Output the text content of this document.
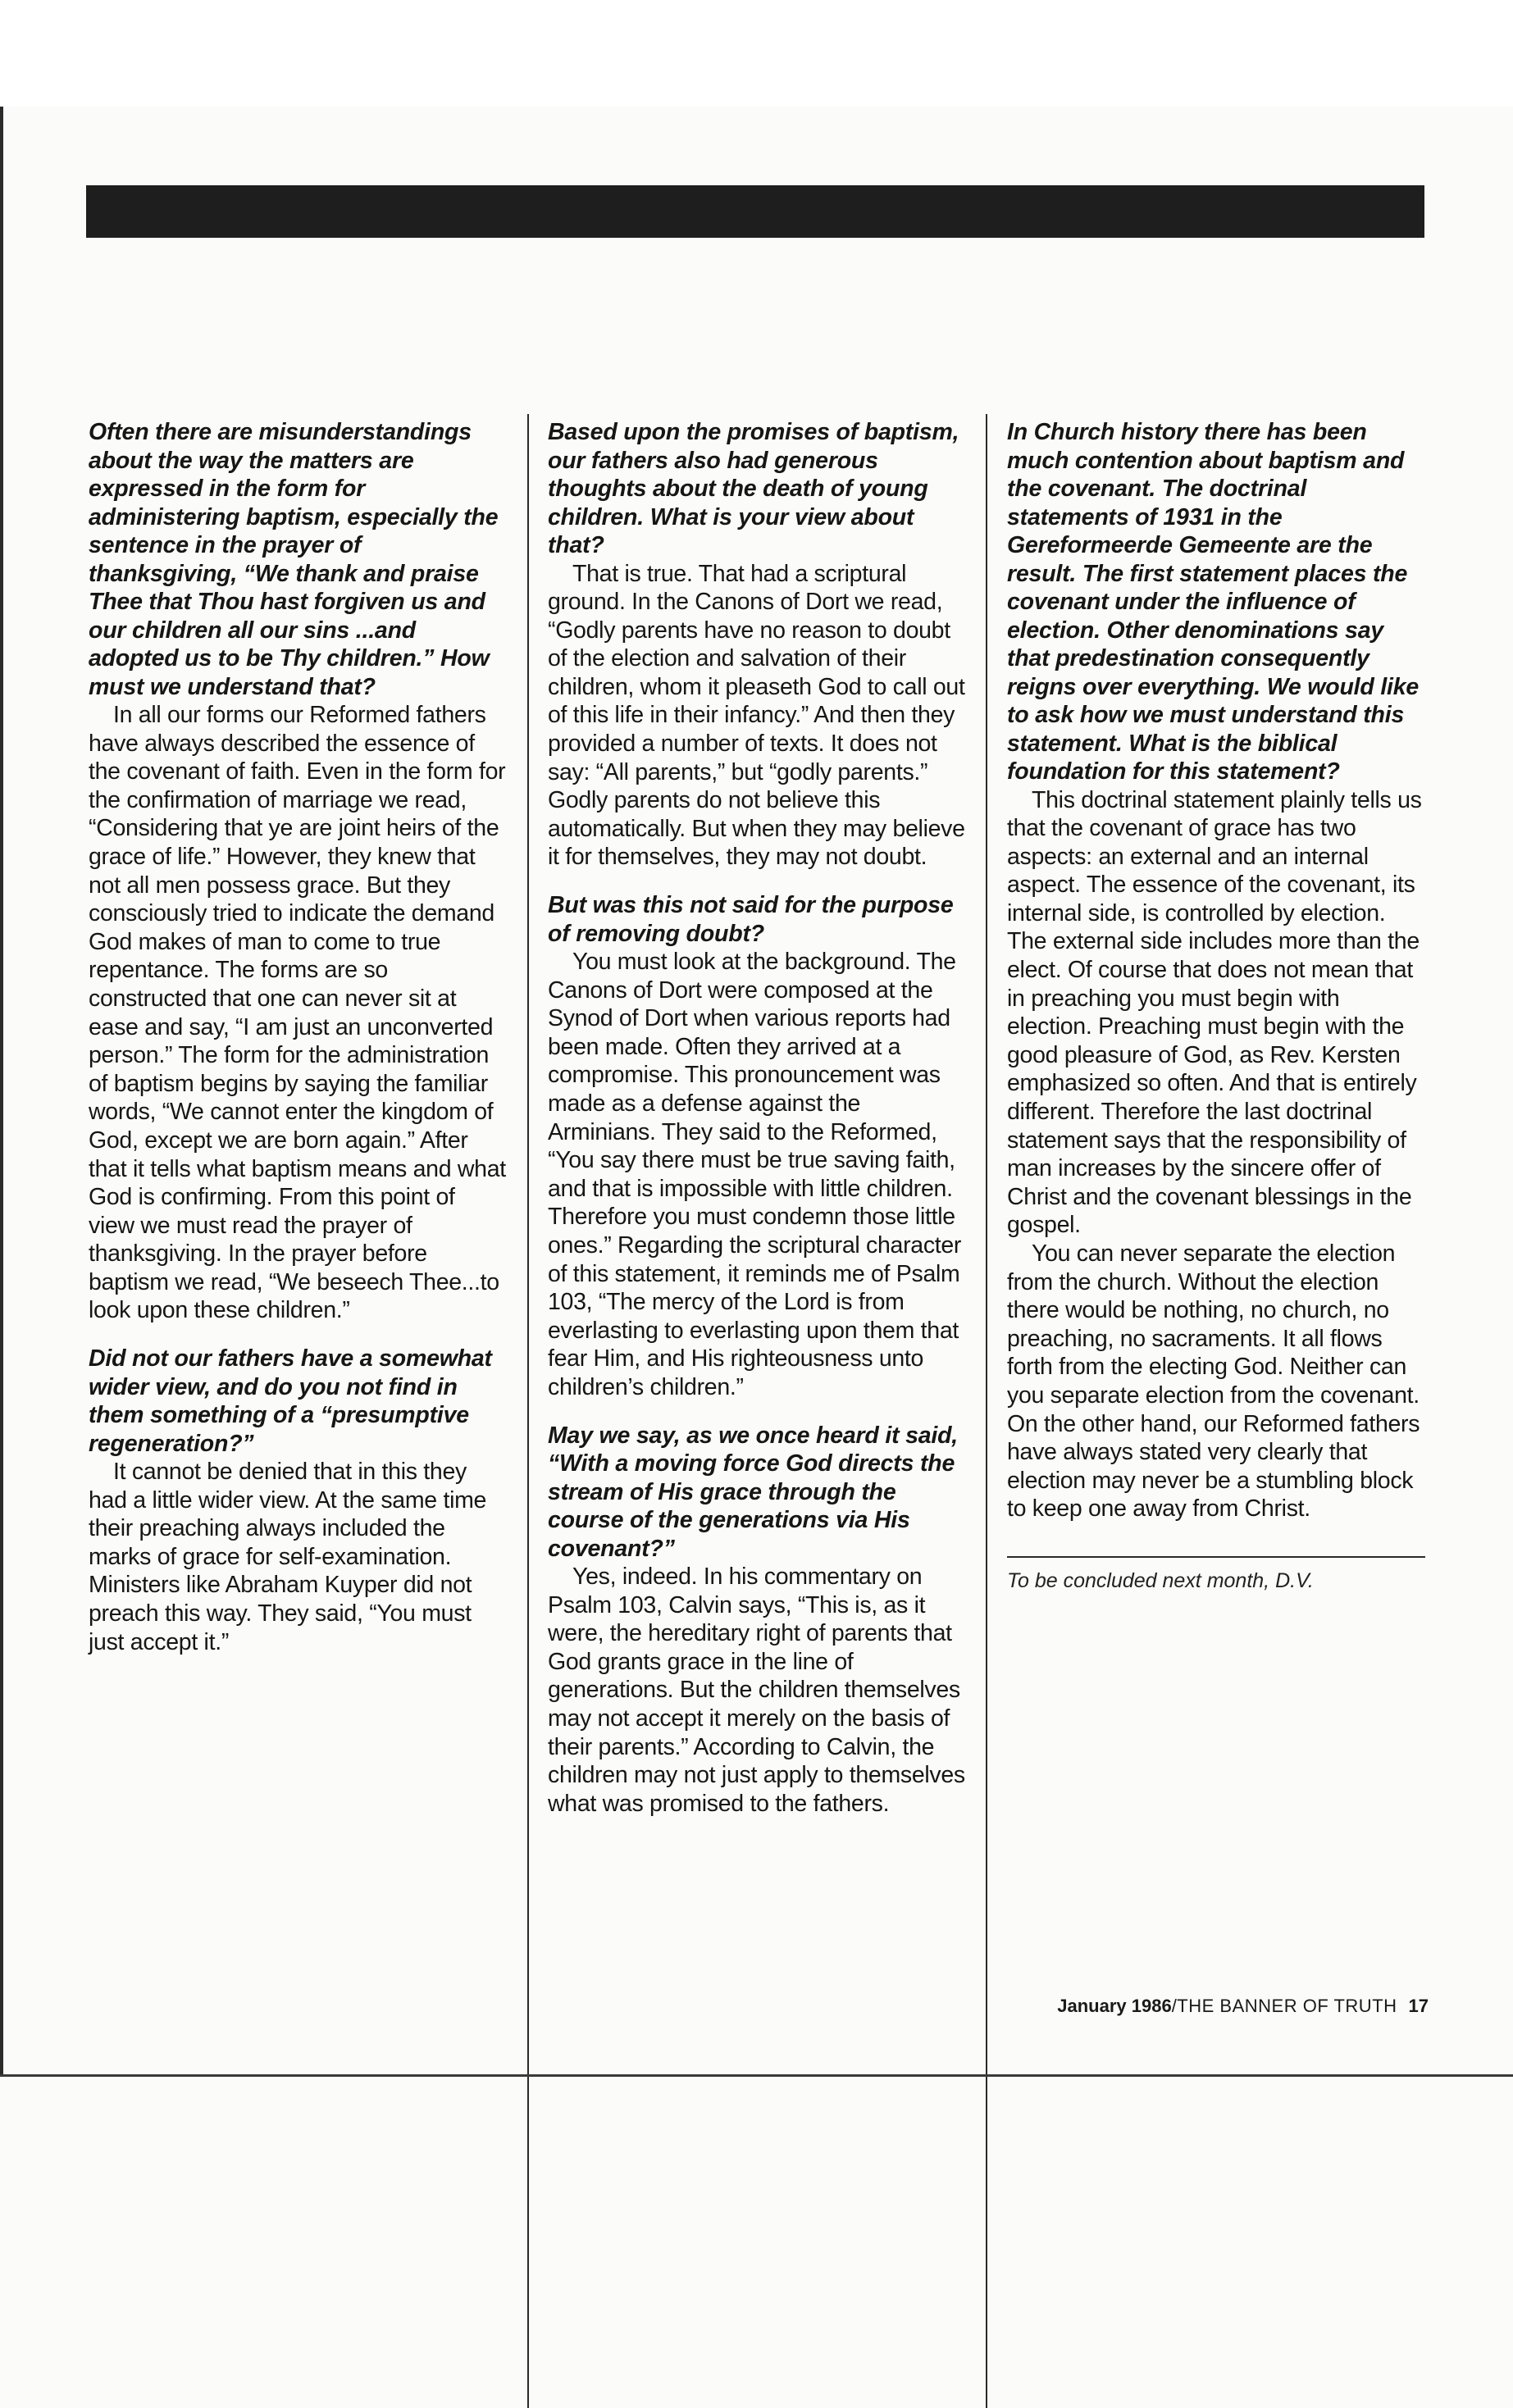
Often there are misunderstandings about the way the matters are expressed in the form for administering baptism, especially the sentence in the prayer of thanksgiving, “We thank and praise Thee that Thou hast forgiven us and our children all our sins ...and adopted us to be Thy children.” How must we understand that?

In all our forms our Reformed fathers have always described the essence of the covenant of faith. Even in the form for the confirmation of marriage we read, “Considering that ye are joint heirs of the grace of life.” However, they knew that not all men possess grace. But they consciously tried to indicate the demand God makes of man to come to true repentance. The forms are so constructed that one can never sit at ease and say, “I am just an unconverted person.” The form for the administration of baptism begins by saying the familiar words, “We cannot enter the kingdom of God, except we are born again.” After that it tells what baptism means and what God is confirming. From this point of view we must read the prayer of thanksgiving. In the prayer before baptism we read, “We beseech Thee...to look upon these children.”

Did not our fathers have a somewhat wider view, and do you not find in them something of a “presumptive regeneration?”

It cannot be denied that in this they had a little wider view. At the same time their preaching always included the marks of grace for self-examination. Ministers like Abraham Kuyper did not preach this way. They said, “You must just accept it.”

Based upon the promises of baptism, our fathers also had generous thoughts about the death of young children. What is your view about that?

That is true. That had a scriptural ground. In the Canons of Dort we read, “Godly parents have no reason to doubt of the election and salvation of their children, whom it pleaseth God to call out of this life in their infancy.” And then they provided a number of texts. It does not say: “All parents,” but “godly parents.” Godly parents do not believe this automatically. But when they may believe it for themselves, they may not doubt.

But was this not said for the purpose of removing doubt?

You must look at the background. The Canons of Dort were composed at the Synod of Dort when various reports had been made. Often they arrived at a compromise. This pronouncement was made as a defense against the Arminians. They said to the Reformed, “You say there must be true saving faith, and that is impossible with little children. Therefore you must condemn those little ones.” Regarding the scriptural character of this statement, it reminds me of Psalm 103, “The mercy of the Lord is from everlasting to everlasting upon them that fear Him, and His righteousness unto children’s children.”

May we say, as we once heard it said, “With a moving force God directs the stream of His grace through the course of the generations via His covenant?”

Yes, indeed. In his commentary on Psalm 103, Calvin says, “This is, as it were, the hereditary right of parents that God grants grace in the line of generations. But the children themselves may not accept it merely on the basis of their parents.” According to Calvin, the children may not just apply to themselves what was promised to the fathers.

In Church history there has been much contention about baptism and the covenant. The doctrinal statements of 1931 in the Gereformeerde Gemeente are the result. The first statement places the covenant under the influence of election. Other denominations say that predestination consequently reigns over everything. We would like to ask how we must understand this statement. What is the biblical foundation for this statement?

This doctrinal statement plainly tells us that the covenant of grace has two aspects: an external and an internal aspect. The essence of the covenant, its internal side, is controlled by election. The external side includes more than the elect. Of course that does not mean that in preaching you must begin with election. Preaching must begin with the good pleasure of God, as Rev. Kersten emphasized so often. And that is entirely different. Therefore the last doctrinal statement says that the responsibility of man increases by the sincere offer of Christ and the covenant blessings in the gospel.

You can never separate the election from the church. Without the election there would be nothing, no church, no preaching, no sacraments. It all flows forth from the electing God. Neither can you separate election from the covenant. On the other hand, our Reformed fathers have always stated very clearly that election may never be a stumbling block to keep one away from Christ.

To be concluded next month, D.V.

January 1986/THE BANNER OF TRUTH 17
